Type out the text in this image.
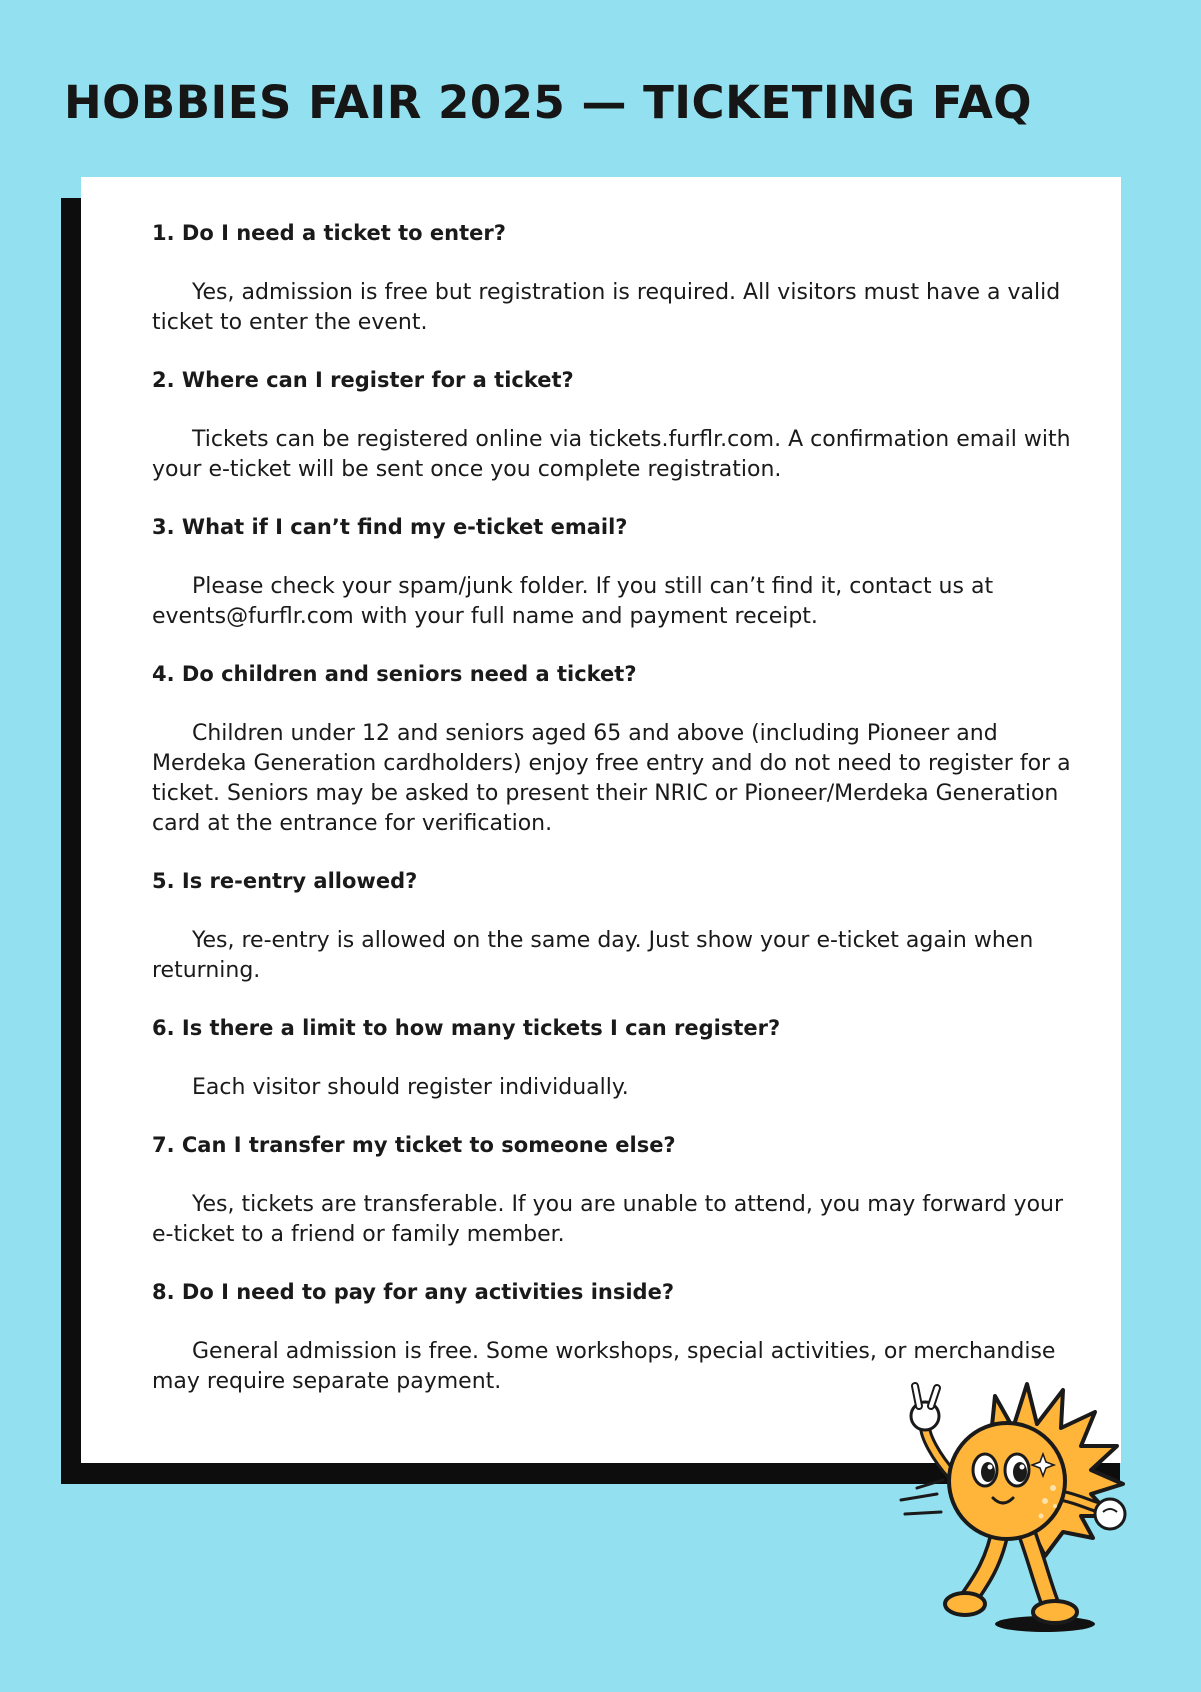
HOBBIES FAIR 2025 — TICKETING FAQ

1. Do I need a ticket to enter?

Yes, admission is free but registration is required. All visitors must have a valid ticket to enter the event.

2. Where can I register for a ticket?

Tickets can be registered online via tickets.furflr.com. A confirmation email with your e-ticket will be sent once you complete registration.

3. What if I can’t find my e-ticket email?

Please check your spam/junk folder. If you still can’t find it, contact us at events@furflr.com with your full name and payment receipt.

4. Do children and seniors need a ticket?

Children under 12 and seniors aged 65 and above (including Pioneer and Merdeka Generation cardholders) enjoy free entry and do not need to register for a ticket. Seniors may be asked to present their NRIC or Pioneer/Merdeka Generation card at the entrance for verification.

5. Is re-entry allowed?

Yes, re-entry is allowed on the same day. Just show your e-ticket again when returning.

6. Is there a limit to how many tickets I can register?

Each visitor should register individually.

7. Can I transfer my ticket to someone else?

Yes, tickets are transferable. If you are unable to attend, you may forward your e-ticket to a friend or family member.

8. Do I need to pay for any activities inside?

General admission is free. Some workshops, special activities, or merchandise may require separate payment.
